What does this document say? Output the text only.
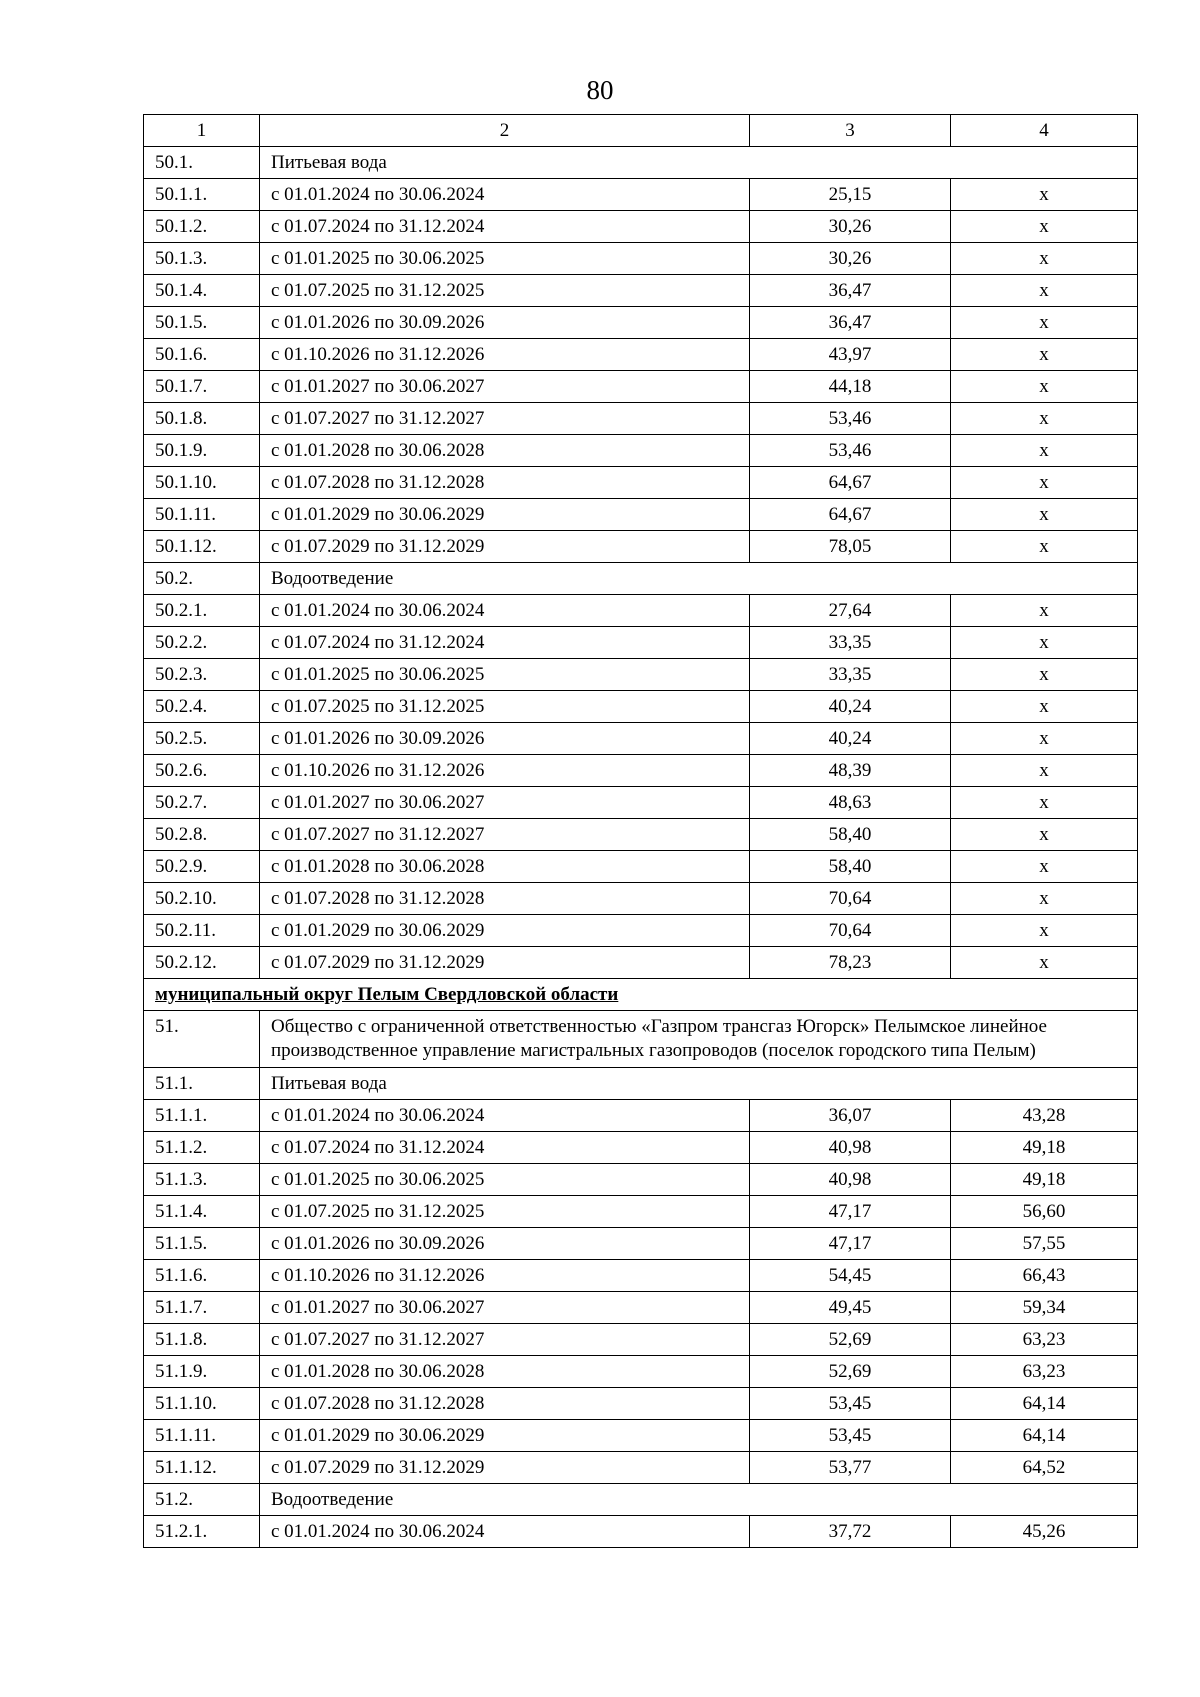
80
1	2	3	4
50.1.	Питьевая вода		
50.1.1.	с 01.01.2024 по 30.06.2024	25,15	х
50.1.2.	с 01.07.2024 по 31.12.2024	30,26	х
50.1.3.	с 01.01.2025 по 30.06.2025	30,26	х
50.1.4.	с 01.07.2025 по 31.12.2025	36,47	х
50.1.5.	с 01.01.2026 по 30.09.2026	36,47	х
50.1.6.	с 01.10.2026 по 31.12.2026	43,97	х
50.1.7.	с 01.01.2027 по 30.06.2027	44,18	х
50.1.8.	с 01.07.2027 по 31.12.2027	53,46	х
50.1.9.	с 01.01.2028 по 30.06.2028	53,46	х
50.1.10.	с 01.07.2028 по 31.12.2028	64,67	х
50.1.11.	с 01.01.2029 по 30.06.2029	64,67	х
50.1.12.	с 01.07.2029 по 31.12.2029	78,05	х
50.2.	Водоотведение		
50.2.1.	с 01.01.2024 по 30.06.2024	27,64	х
50.2.2.	с 01.07.2024 по 31.12.2024	33,35	х
50.2.3.	с 01.01.2025 по 30.06.2025	33,35	х
50.2.4.	с 01.07.2025 по 31.12.2025	40,24	х
50.2.5.	с 01.01.2026 по 30.09.2026	40,24	х
50.2.6.	с 01.10.2026 по 31.12.2026	48,39	х
50.2.7.	с 01.01.2027 по 30.06.2027	48,63	х
50.2.8.	с 01.07.2027 по 31.12.2027	58,40	х
50.2.9.	с 01.01.2028 по 30.06.2028	58,40	х
50.2.10.	с 01.07.2028 по 31.12.2028	70,64	х
50.2.11.	с 01.01.2029 по 30.06.2029	70,64	х
50.2.12.	с 01.07.2029 по 31.12.2029	78,23	х
муниципальный округ Пелым Свердловской области			
51.	Общество с ограниченной ответственностью «Газпром трансгаз Югорск» Пелымское линейное производственное управление магистральных газопроводов (поселок городского типа Пелым)		
51.1.	Питьевая вода		
51.1.1.	с 01.01.2024 по 30.06.2024	36,07	43,28
51.1.2.	с 01.07.2024 по 31.12.2024	40,98	49,18
51.1.3.	с 01.01.2025 по 30.06.2025	40,98	49,18
51.1.4.	с 01.07.2025 по 31.12.2025	47,17	56,60
51.1.5.	с 01.01.2026 по 30.09.2026	47,17	57,55
51.1.6.	с 01.10.2026 по 31.12.2026	54,45	66,43
51.1.7.	с 01.01.2027 по 30.06.2027	49,45	59,34
51.1.8.	с 01.07.2027 по 31.12.2027	52,69	63,23
51.1.9.	с 01.01.2028 по 30.06.2028	52,69	63,23
51.1.10.	с 01.07.2028 по 31.12.2028	53,45	64,14
51.1.11.	с 01.01.2029 по 30.06.2029	53,45	64,14
51.1.12.	с 01.07.2029 по 31.12.2029	53,77	64,52
51.2.	Водоотведение		
51.2.1.	с 01.01.2024 по 30.06.2024	37,72	45,26
